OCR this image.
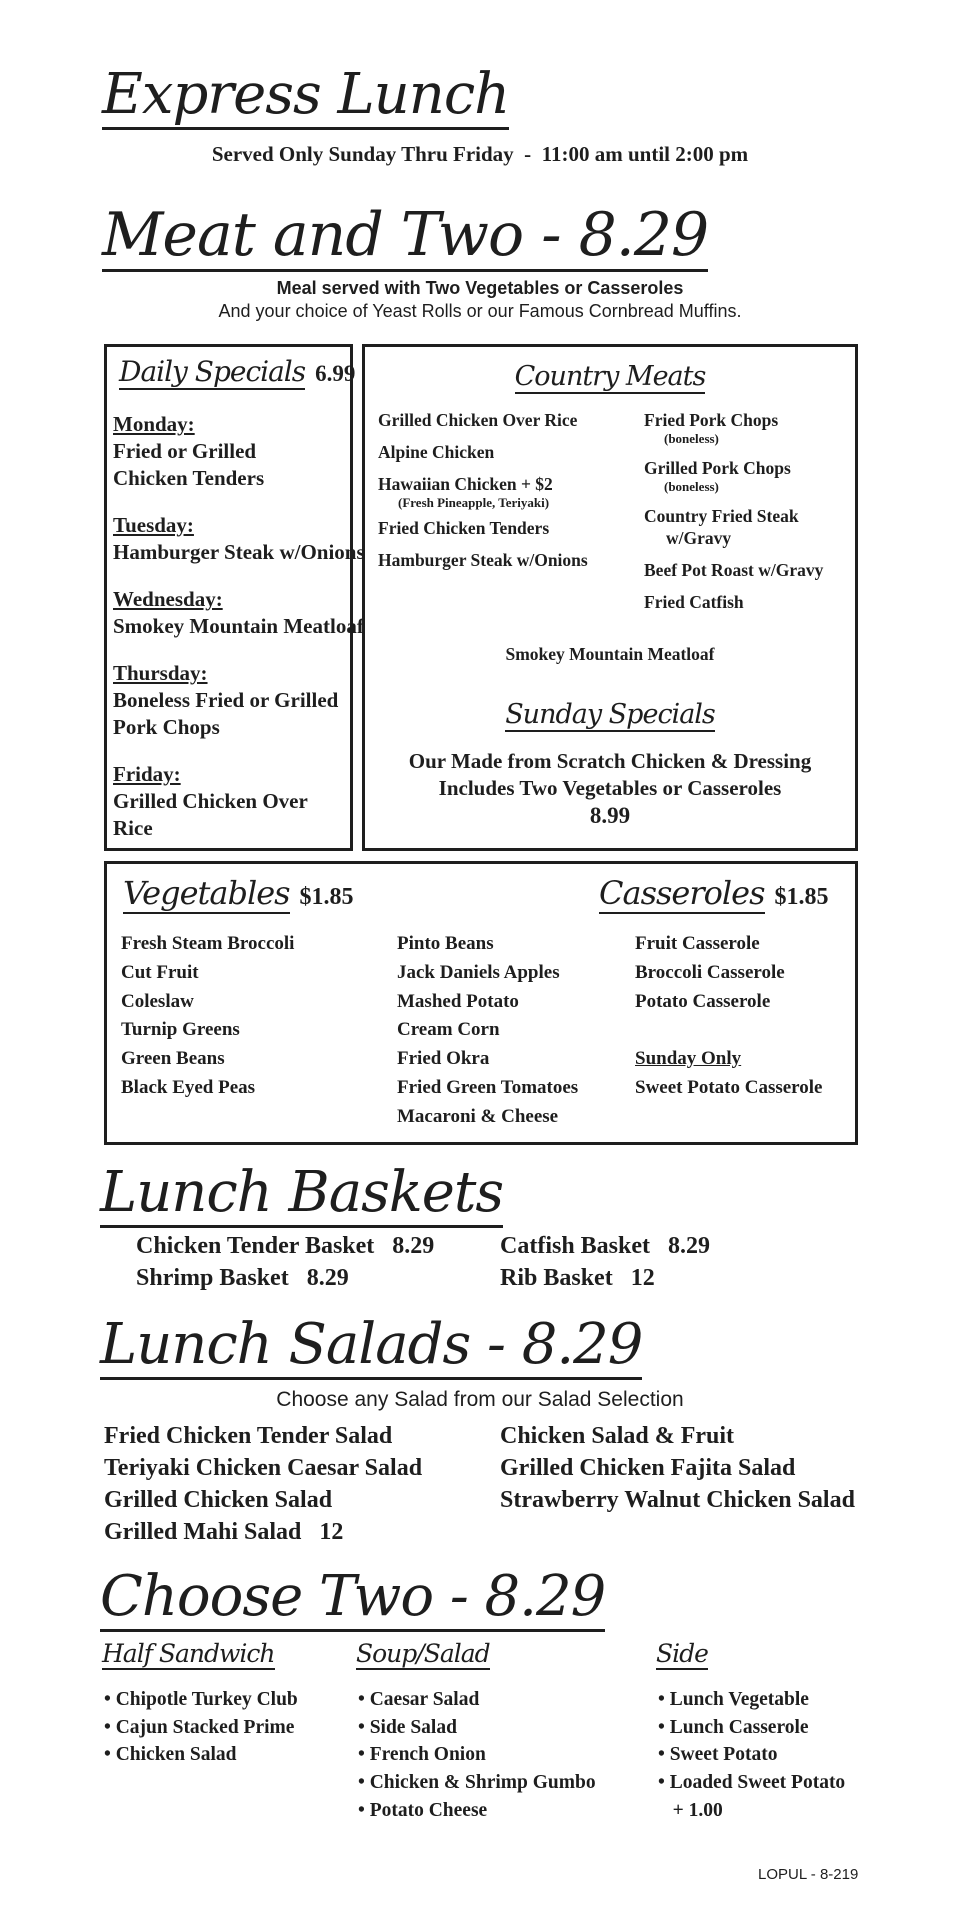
Express Lunch
Served Only Sunday Thru Friday  -  11:00 am until 2:00 pm
Meat and Two - 8.29
Meal served with Two Vegetables or Casseroles
And your choice of Yeast Rolls or our Famous Cornbread Muffins.
Daily Specials 6.99
Monday:
Fried or Grilled
Chicken Tenders
Tuesday:
Hamburger Steak w/Onions
Wednesday:
Smokey Mountain Meatloaf
Thursday:
Boneless Fried or Grilled
Pork Chops
Friday:
Grilled Chicken Over
Rice
Country Meats
Grilled Chicken Over Rice
Alpine Chicken
Hawaiian Chicken + $2
(Fresh Pineapple, Teriyaki)
Fried Chicken Tenders
Hamburger Steak w/Onions
Fried Pork Chops
(boneless)
Grilled Pork Chops
(boneless)
Country Fried Steak
w/Gravy
Beef Pot Roast w/Gravy
Fried Catfish
Smokey Mountain Meatloaf
Sunday Specials
Our Made from Scratch Chicken & Dressing
Includes Two Vegetables or Casseroles
8.99
Vegetables $1.85	Casseroles $1.85
Fresh Steam Broccoli
Cut Fruit
Coleslaw
Turnip Greens
Green Beans
Black Eyed Peas
Pinto Beans
Jack Daniels Apples
Mashed Potato
Cream Corn
Fried Okra
Fried Green Tomatoes
Macaroni & Cheese
Fruit Casserole
Broccoli Casserole
Potato Casserole
Sunday Only
Sweet Potato Casserole
Lunch Baskets
Chicken Tender Basket 8.29	Catfish Basket 8.29
Shrimp Basket 8.29	Rib Basket 12
Lunch Salads - 8.29
Choose any Salad from our Salad Selection
Fried Chicken Tender Salad
Teriyaki Chicken Caesar Salad
Grilled Chicken Salad
Grilled Mahi Salad   12
Chicken Salad & Fruit
Grilled Chicken Fajita Salad
Strawberry Walnut Chicken Salad
Choose Two - 8.29
Half Sandwich
• Chipotle Turkey Club
• Cajun Stacked Prime
• Chicken Salad
Soup/Salad
• Caesar Salad
• Side Salad
• French Onion
• Chicken & Shrimp Gumbo
• Potato Cheese
Side
• Lunch Vegetable
• Lunch Casserole
• Sweet Potato
• Loaded Sweet Potato
+ 1.00
LOPUL - 8-219
